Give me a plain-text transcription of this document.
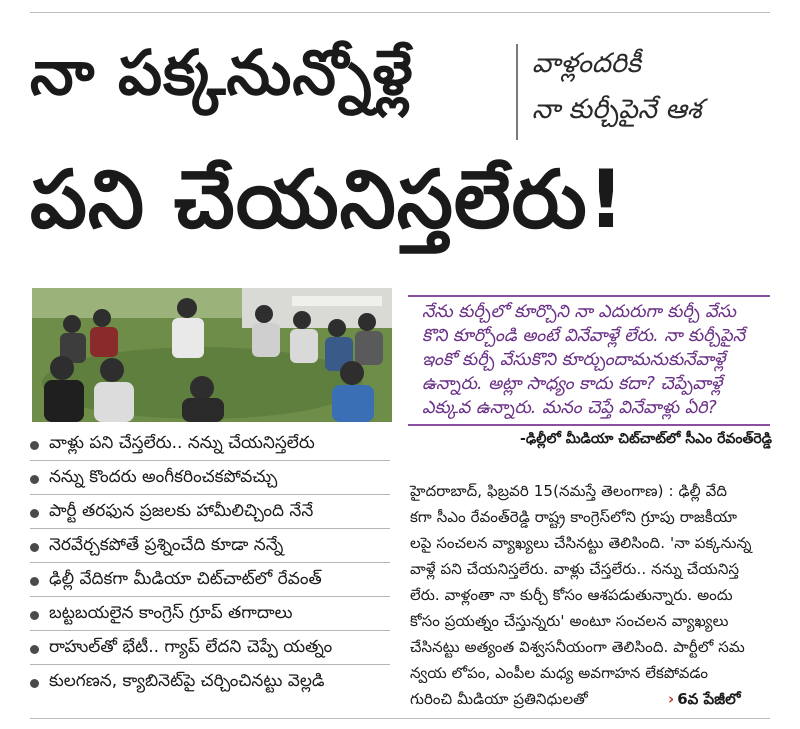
నా పక్కనున్నోళ్లే	వాళ్లందరికీ
నా కుర్చీపైనే ఆశ
పని చేయనిస్తలేరు!
నేను కుర్చీలో కూర్చొని నా ఎదురుగా కుర్చీ వేసు
కొని కూర్చోండి అంటే వినేవాళ్లే లేరు. నా కుర్చీపైనే
ఇంకో కుర్చీ వేసుకొని కూర్చుందామనుకునేవాళ్లే
ఉన్నారు. అట్లా సాధ్యం కాదు కదా? చెప్పేవాళ్లే
ఎక్కువ ఉన్నారు. మనం చెప్తే వినేవాళ్లు ఏరి?
-ఢిల్లీలో మీడియా చిట్‌చాట్‌లో సీఎం రేవంత్‌రెడ్డి
వాళ్లు పని చేస్తలేరు.. నన్ను చేయనిస్తలేరు
నన్ను కొందరు అంగీకరించకపోవచ్చు
పార్టీ తరఫున ప్రజలకు హామీలిచ్చింది నేనే
నెరవేర్చకపోతే ప్రశ్నించేది కూడా నన్నే
ఢిల్లీ వేదికగా మీడియా చిట్‌చాట్‌లో రేవంత్
బట్టబయలైన కాంగ్రెస్ గ్రూప్ తగాదాలు
రాహుల్‌తో భేటీ.. గ్యాప్ లేదని చెప్పే యత్నం
కులగణన, క్యాబినెట్‌పై చర్చించినట్టు వెల్లడి
హైదరాబాద్, ఫిబ్రవరి 15(నమస్తే తెలంగాణ) : ఢిల్లీ వేది
కగా సీఎం రేవంత్‌రెడ్డి రాష్ట్ర కాంగ్రెస్‌లోని గ్రూపు రాజకీయా
లపై సంచలన వ్యాఖ్యలు చేసినట్టు తెలిసింది. 'నా పక్కనున్న
వాళ్లే పని చేయనిస్తలేరు. వాళ్లు చేస్తలేరు.. నన్ను చేయనిస్త
లేరు. వాళ్లంతా నా కుర్చీ కోసం ఆశపడుతున్నారు. అందు
కోసం ప్రయత్నం చేస్తున్నరు' అంటూ సంచలన వ్యాఖ్యలు
చేసినట్టు అత్యంత విశ్వసనీయంగా తెలిసింది. పార్టీలో సమ
న్వయ లోపం, ఎంపీల మధ్య అవగాహన లేకపోవడం
గురించి మీడియా ప్రతినిధులతో	› 6వ పేజీలో
